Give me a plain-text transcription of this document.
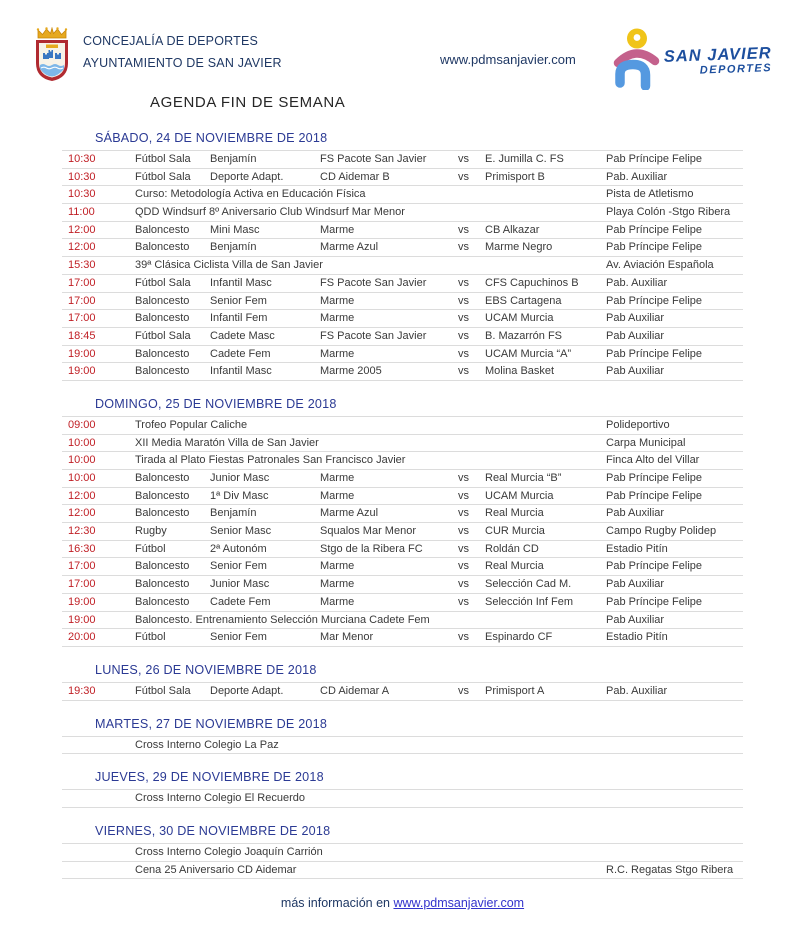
CONCEJALÍA DE DEPORTES
AYUNTAMIENTO DE SAN JAVIER	www.pdmsanjavier.com	SAN JAVIER
DEPORTES
AGENDA FIN DE SEMANA
SÁBADO, 24 DE NOVIEMBRE DE 2018
10:30	Fútbol Sala	Benjamín	FS Pacote San Javier	vs	E. Jumilla C. FS	Pab Príncipe Felipe
10:30	Fútbol Sala	Deporte Adapt.	CD Aidemar B	vs	Primisport B	Pab. Auxiliar
10:30	Curso: Metodología Activa en Educación Física	Pista de Atletismo
11:00	QDD Windsurf 8º Aniversario Club Windsurf Mar Menor	Playa Colón -Stgo Ribera
12:00	Baloncesto	Mini Masc	Marme	vs	CB Alkazar	Pab Príncipe Felipe
12:00	Baloncesto	Benjamín	Marme Azul	vs	Marme Negro	Pab Príncipe Felipe
15:30	39ª Clásica Ciclista Villa de San Javier	Av. Aviación Española
17:00	Fútbol Sala	Infantil Masc	FS Pacote San Javier	vs	CFS Capuchinos B	Pab. Auxiliar
17:00	Baloncesto	Senior Fem	Marme	vs	EBS Cartagena	Pab Príncipe Felipe
17:00	Baloncesto	Infantil Fem	Marme	vs	UCAM Murcia	Pab Auxiliar
18:45	Fútbol Sala	Cadete Masc	FS Pacote San Javier	vs	B. Mazarrón FS	Pab Auxiliar
19:00	Baloncesto	Cadete Fem	Marme	vs	UCAM Murcia “A”	Pab Príncipe Felipe
19:00	Baloncesto	Infantil Masc	Marme 2005	vs	Molina Basket	Pab Auxiliar
DOMINGO, 25 DE NOVIEMBRE DE 2018
09:00	Trofeo Popular Caliche	Polideportivo
10:00	XII Media Maratón Villa de San Javier	Carpa Municipal
10:00	Tirada al Plato Fiestas Patronales San Francisco Javier	Finca Alto del Villar
10:00	Baloncesto	Junior Masc	Marme	vs	Real Murcia “B”	Pab Príncipe Felipe
12:00	Baloncesto	1ª Div Masc	Marme	vs	UCAM Murcia	Pab Príncipe Felipe
12:00	Baloncesto	Benjamín	Marme Azul	vs	Real Murcia	Pab Auxiliar
12:30	Rugby	Senior Masc	Squalos Mar Menor	vs	CUR Murcia	Campo Rugby Polidep
16:30	Fútbol	2ª Autonóm	Stgo de la Ribera FC	vs	Roldán CD	Estadio Pitín
17:00	Baloncesto	Senior Fem	Marme	vs	Real Murcia	Pab Príncipe Felipe
17:00	Baloncesto	Junior Masc	Marme	vs	Selección Cad M.	Pab Auxiliar
19:00	Baloncesto	Cadete Fem	Marme	vs	Selección Inf Fem	Pab Príncipe Felipe
19:00	Baloncesto. Entrenamiento Selección Murciana Cadete Fem	Pab Auxiliar
20:00	Fútbol	Senior Fem	Mar Menor	vs	Espinardo CF	Estadio Pitín
LUNES, 26 DE NOVIEMBRE DE 2018
19:30	Fútbol Sala	Deporte Adapt.	CD Aidemar A	vs	Primisport A	Pab. Auxiliar
MARTES, 27 DE NOVIEMBRE DE 2018
Cross Interno Colegio La Paz
JUEVES, 29 DE NOVIEMBRE DE 2018
Cross Interno Colegio El Recuerdo
VIERNES, 30 DE NOVIEMBRE DE 2018
Cross Interno Colegio Joaquín Carrión
Cena 25 Aniversario CD Aidemar	R.C. Regatas Stgo Ribera
más información en www.pdmsanjavier.com
